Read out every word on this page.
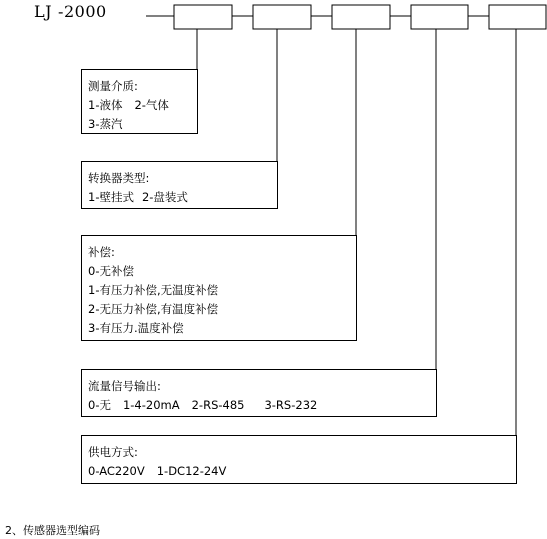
LJ -2000
测量介质:
1-液体 2-气体
3-蒸汽
转换器类型:
1-壁挂式 2-盘装式
补偿:
0-无补偿
1-有压力补偿,无温度补偿
2-无压力补偿,有温度补偿
3-有压力.温度补偿
流量信号输出:
0-无 1-4-20mA 2-RS-485 3-RS-232
供电方式:
0-AC220V 1-DC12-24V
2、传感器选型编码
